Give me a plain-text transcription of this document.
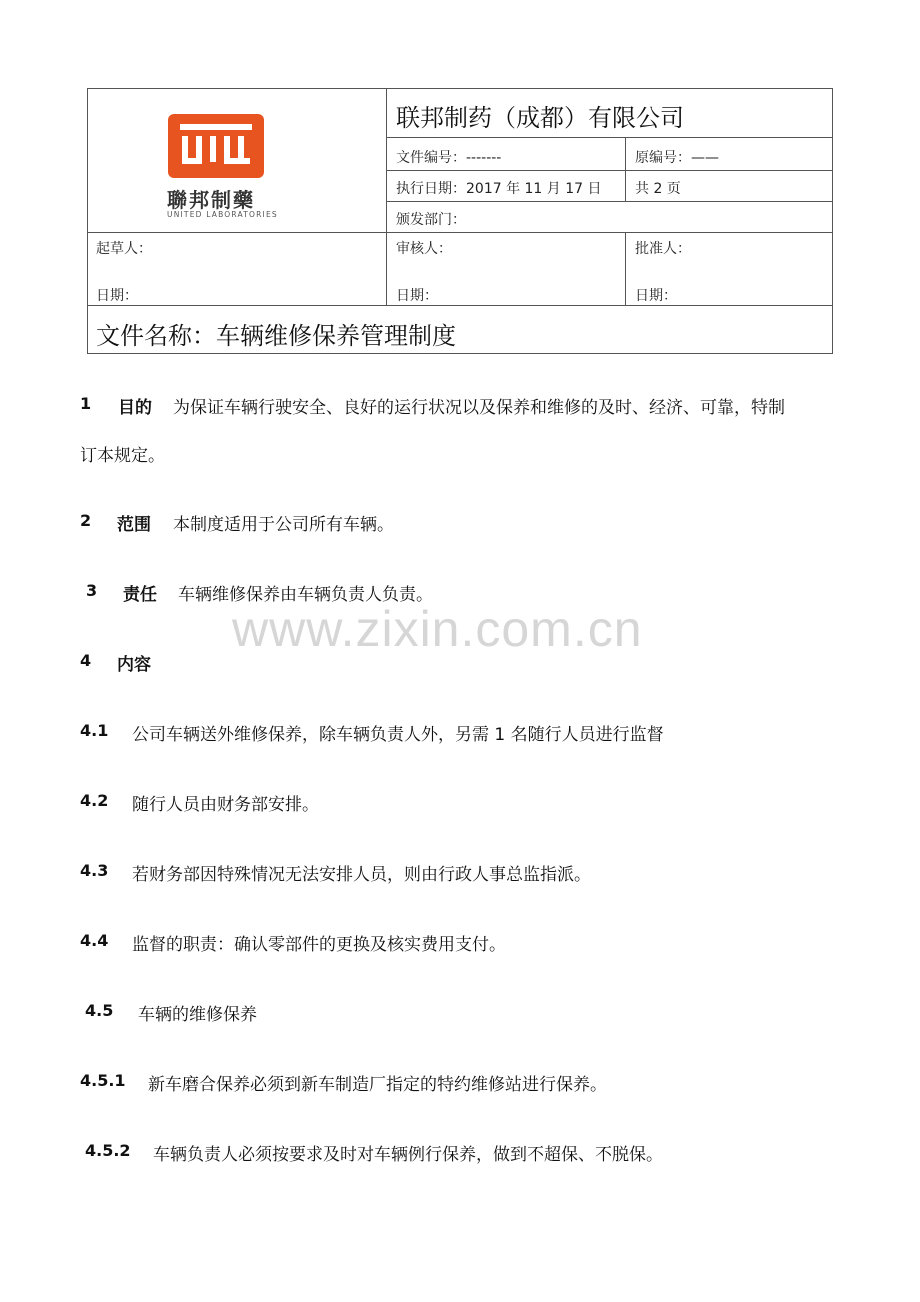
聯邦制藥
UNITED LABORATORIES
联邦制药（成都）有限公司
文件编号：-------	原编号：——
执行日期：2017 年 11 月 17 日 共 2 页
颁发部门：
起草人：	审核人：	批准人：
日期：	日期：	日期：
文件名称：车辆维修保养管理制度
www.zixin.com.cn
1 目的 为保证车辆行驶安全、良好的运行状况以及保养和维修的及时、经济、可靠，特制
订本规定。
2 范围 本制度适用于公司所有车辆。
3 责任 车辆维修保养由车辆负责人负责。
4 内容
4.1 公司车辆送外维修保养，除车辆负责人外，另需 1 名随行人员进行监督
4.2 随行人员由财务部安排。
4.3 若财务部因特殊情况无法安排人员，则由行政人事总监指派。
4.4 监督的职责：确认零部件的更换及核实费用支付。
4.5 车辆的维修保养
4.5.1 新车磨合保养必须到新车制造厂指定的特约维修站进行保养。
4.5.2 车辆负责人必须按要求及时对车辆例行保养，做到不超保、不脱保。
